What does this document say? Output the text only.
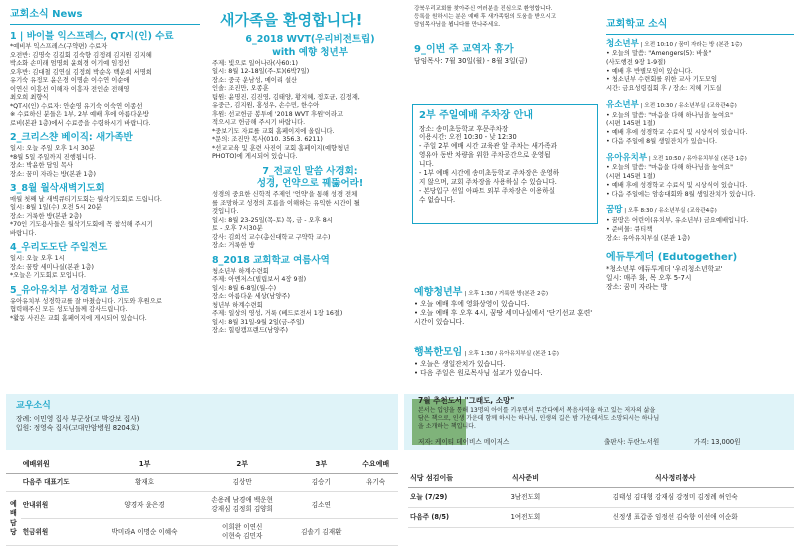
교회소식 News
1 | 바이블 익스프레스, QT시(인) 수료
*예비부 익스프레스(구약편) 수료자
오전반: 김명숙 김길회 김숙향 김정례 김지원 김지혜
박소화 손미래 엄명희 윤희경 이기예 임정선
오후반: 김대철 김연실 김정희 박순옥 백운희 서명희
유기숙 유정모 윤은경 이명순 이수연 이순애
이연신 이흥선 이해자 이흥자 전인순 전해영
최오희 최향식
*QT시(인) 수료자: 안순영 유기숙 이숙연 이종선
※ 수료하신 분들은 1부, 2부 예배 후에 아름다운방
로비(본관 1층)에서 수료증을 수령하시기 바랍니다.
2_크리스챤 베이직: 새가족반
일시: 오늘 주일 오후 1시 30분
*8월 5일 주일까지 진행됩니다.
장소: 박윤한 담임 목사
장소: 꿈미 자라는 방(본관 1층)
3_8월 월삭새벽기도회
매월 첫째 날 새벽큐티기도회는 월삭기도회로 드립니다.
일시: 8월 1일(수) 오전 5시 20분
장소: 거룩한 방(본관 2층)
*70인 기도용사들은 월삭기도회에 꼭 참석해 주시기
바랍니다.
4_우리도도단 주일전도
일시: 오늘 오후 1시
장소: 꿈땅 세미나실(본관 1층)
*오늘은 기도회로 모입니다.
5_유아유치부 성경학교 성료
유아유치부 성경학교를 잘 마쳤습니다. 기도와 후원으로
협력해주신 모든 성도님들께 감사드립니다.
*활동 사진은 교회 홈페이지에 게시되어 있습니다.
새가족을 환영합니다!
강북우리교회를 찾아주신 여러분을 진심으로 환영합니다.
등록을 원하시는 분은 예배 후 새가족팀의 도움을 받으시고
담임목사님을 뵙니다를 만나주세요.
6_2018 WVT(우리비전트립)
with 예향 청년부
주제: 빛으로 일어나라(사60:1)
일시: 8월 12-18일(주-토)(6박7일)
장소: 중국 운남성, 메이리 설산
인솔: 조진만, 오종훈
팀원: 윤명진, 김진영, 김태양, 황지혜, 정호균, 김정재,
유중근, 김지원, 홍성우, 손수민, 한수아
후원: 선교헌금 봉투에 '2018 WVT 후원'이라고
적으시고 헌금해 주시기 바랍니다.
*중보기도 자료를 교회 홈페이지에 올립니다.
*문의: 조진만 목사(010. 356.3. 6211)
*선교교육 및 훈련 사진이 교회 홈페이지(예향청년
PHOTO)에 게시되어 있습니다.
7_전교인 말씀 사경회:
성경, 언약으로 꿰뚫어라!
성경의 중요한 신학적 주제인 '언약'을 통해 성경 전체
를 조망하고 성경의 흐름을 이해하는 유익한 시간이 될
것입니다.
일시: 8월 23-25일(목-토) 목, 금 - 오후 8시
토 - 오후 7시30분
강사: 김희석 교수(총신대학교 구약학 교수)
장소: 거룩한 방
8_2018 교회학교 여름사역
청소년부 하계수련회
주제: 아멘저스(빌립보서 4장 9절)
일시: 8월 6-8일(월-수)
장소: 아름다운 세상(남양주)
청년부 하계수련회
주제: 일상의 영성, 거룩 (베드로전서 1장 16절)
일시: 8월 31일-9월 2일(금-주일)
장소: 힐링캠프랜드(남양주)
9_이번 주 교역자 휴가
담임목사: 7월 30일(월) - 8월 3일(금)
2부 주일예배 주차장 안내
장소: 송미초등학교 후문주차장
이용시간: 오전 10:30 - 낮 12:30
- 주일 2부 예배 시간 교육관 앞 주차는 새가족과
영유아 동반 차량을 위한 주차공간으로 운영됩
니다.
- 1부 예배 시간에 송미초등학교 주차장은 운영하
지 않으며, 교회 주차장을 사용하실 수 있습니다.
- 본당입구 선일 아파트 외부 주차장은 이용하실
수 없습니다.
예향청년부 | 오후 1:30 / 거룩한 방(본관 2층)
• 오늘 예배 후에 영화상영이 있습니다.
• 오늘 예배 후 오후 4시, 꿈땅 세미나실에서 '단기선교 훈련'
시간이 있습니다.
행복한모임 | 오후 1:30 / 유아유치부실 (본관 1층)
• 오늘은 생일잔치가 있습니다.
• 다음 주일은 원로목사님 설교가 있습니다.
교회학교 소식
청소년부 | 오전 10:10 / 꿈미 자라는 방 (본관 1층)
• 오늘의 말씀: "Amengers(5): 바울"
(사도행전 9장 1-9절)
• 예배 후 반별모임이 있습니다.
• 청소년부 수련회를 위한 교사 기도모임
시간: 금요성령집회 후 / 장소: 지혜 기도실
유소년부 | 오전 10:30 / 유소년부실 (교육관4층)
• 오늘의 말씀: "마음을 다해 하나님을 높여요"
(시편 145편 1절)
• 예배 후에 성경학교 수료식 및 시상식이 있습니다.
• 다음 주일에 8월 생일잔치가 있습니다.
유아유치부 | 오전 10:50 / 유아유치부실 (본관 1층)
• 오늘의 말씀: "마음을 다해 하나님을 높여요"
(시편 145편 1절)
• 예배 후에 성경학교 수료식 및 시상식이 있습니다.
• 다음 주일에는 암송대회와 8월 생일잔치가 있습니다.
꿈땅 | 오후 8:30 / 유소년부실 (교육관4층)
• 꿈땅은 어린이(유치부, 유소년부) 금요예배입니다.
• 준비물: 큐티책
장소: 유아유치부실 (본관 1층)
에듀투게더 (Edutogether)
*청소년부 에듀투게더 '우리청소년학교'
일시: 매주 화, 목 오후 5-7시
장소: 꿈미 자라는 방
교우소식
장례: 이민영 집사 부군상(고 박강보 집사)
입원: 정영숙 집사(고대안암병원 8204호)
7월 추천도서 "그래도, 소망"
본서는 입양을 통해 13명의 아이를 키우면서 무간다에서 복음사역을 하고 있는 저자의 삶을
담은 책으로, 인생 가운데 함께 하시는 하나님, 인생의 길은 밤 가운데서도 소망되시는 하나님
을 소개하는 책입니다.
저자: 케이티 데이비스 메이저스	출판사: 두란노서원	가격: 13,000원
	예배위원	1부	2부	3부	수요예배
	다음주 대표기도	황재호	김상만	김승기	유기숙
예배
담당	안내위원	양경자 윤은경	손용례 남경애 백운현
강재심 김정희 김양희	김소연	
	헌금위원	박미라A 이명순 이혜숙	이희완 이연신
이현숙 김민자	김솔기 김재환	
식당 섬김이들	식사준비	식사정리봉사
오늘 (7/29)	3남전도회	김태성 김대형 강재심 강정미 김정례 허인숙
다음주 (8/5)	1여전도회	신정생 표갑종 임정선 김숙향 이선애 이순화
